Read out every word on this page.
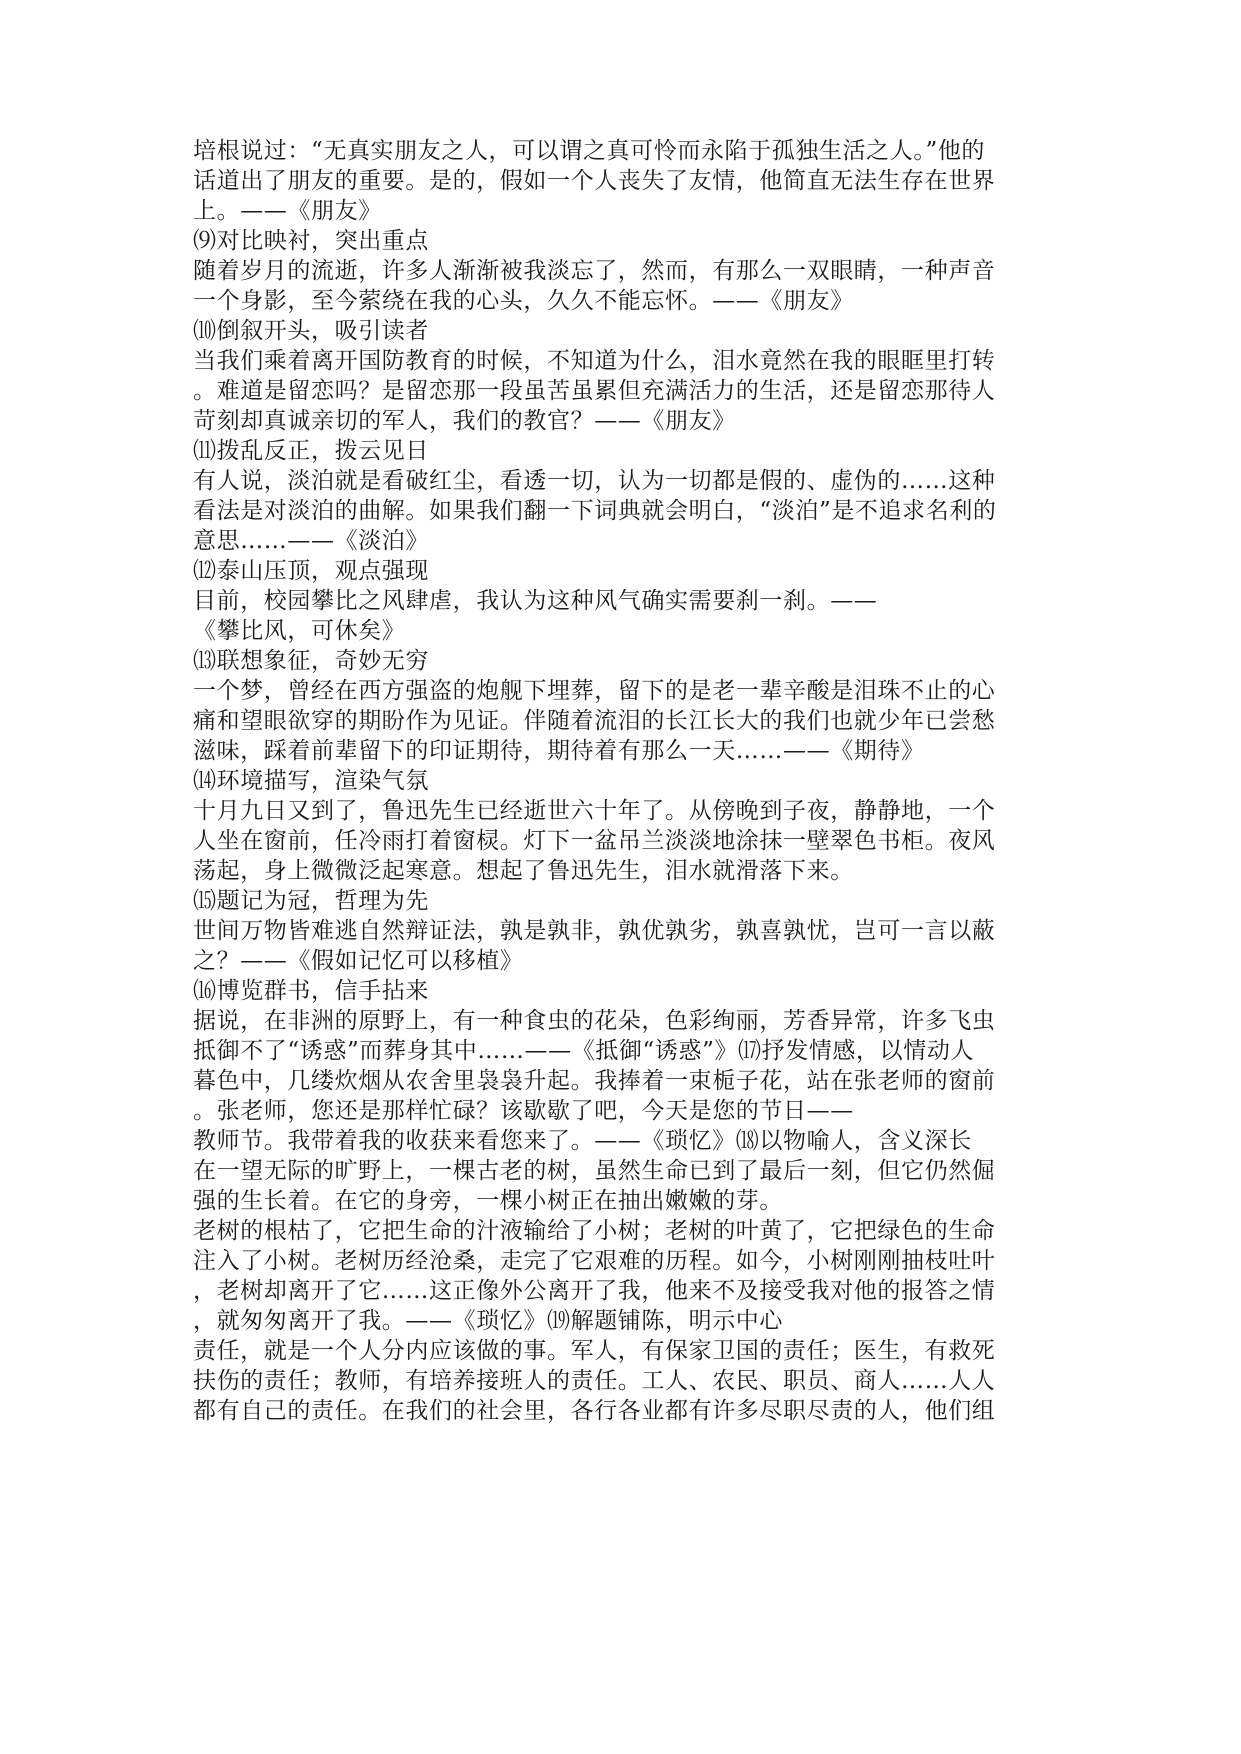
培根说过：“无真实朋友之人，可以谓之真可怜而永陷于孤独生活之人。”他的
话道出了朋友的重要。是的，假如一个人丧失了友情，他简直无法生存在世界
上。——《朋友》
⑼对比映衬，突出重点
随着岁月的流逝，许多人渐渐被我淡忘了，然而，有那么一双眼睛，一种声音
一个身影，至今萦绕在我的心头，久久不能忘怀。——《朋友》
⑽倒叙开头，吸引读者
当我们乘着离开国防教育的时候，不知道为什么，泪水竟然在我的眼眶里打转
。难道是留恋吗？是留恋那一段虽苦虽累但充满活力的生活，还是留恋那待人
苛刻却真诚亲切的军人，我们的教官？——《朋友》
⑾拨乱反正，拨云见日
有人说，淡泊就是看破红尘，看透一切，认为一切都是假的、虚伪的……这种
看法是对淡泊的曲解。如果我们翻一下词典就会明白，“淡泊”是不追求名利的
意思……——《淡泊》
⑿泰山压顶，观点强现
目前，校园攀比之风肆虐，我认为这种风气确实需要刹一刹。——
《攀比风，可休矣》
⒀联想象征，奇妙无穷
一个梦，曾经在西方强盗的炮舰下埋葬，留下的是老一辈辛酸是泪珠不止的心
痛和望眼欲穿的期盼作为见证。伴随着流泪的长江长大的我们也就少年已尝愁
滋味，踩着前辈留下的印证期待，期待着有那么一天……——《期待》
⒁环境描写，渲染气氛
十月九日又到了，鲁迅先生已经逝世六十年了。从傍晚到子夜，静静地，一个
人坐在窗前，任冷雨打着窗棂。灯下一盆吊兰淡淡地涂抹一壁翠色书柜。夜风
荡起，身上微微泛起寒意。想起了鲁迅先生，泪水就滑落下来。
⒂题记为冠，哲理为先
世间万物皆难逃自然辩证法，孰是孰非，孰优孰劣，孰喜孰忧，岂可一言以蔽
之？——《假如记忆可以移植》
⒃博览群书，信手拈来
据说，在非洲的原野上，有一种食虫的花朵，色彩绚丽，芳香异常，许多飞虫
抵御不了“诱惑”而葬身其中……——《抵御“诱惑”》⒄抒发情感，以情动人
暮色中，几缕炊烟从农舍里袅袅升起。我捧着一束栀子花，站在张老师的窗前
。张老师，您还是那样忙碌？该歇歇了吧，今天是您的节日——
教师节。我带着我的收获来看您来了。——《琐忆》⒅以物喻人，含义深长
在一望无际的旷野上，一棵古老的树，虽然生命已到了最后一刻，但它仍然倔
强的生长着。在它的身旁，一棵小树正在抽出嫩嫩的芽。
老树的根枯了，它把生命的汁液输给了小树；老树的叶黄了，它把绿色的生命
注入了小树。老树历经沧桑，走完了它艰难的历程。如今，小树刚刚抽枝吐叶
，老树却离开了它……这正像外公离开了我，他来不及接受我对他的报答之情
，就匆匆离开了我。——《琐忆》⒆解题铺陈，明示中心
责任，就是一个人分内应该做的事。军人，有保家卫国的责任；医生，有救死
扶伤的责任；教师，有培养接班人的责任。工人、农民、职员、商人……人人
都有自己的责任。在我们的社会里，各行各业都有许多尽职尽责的人，他们组
